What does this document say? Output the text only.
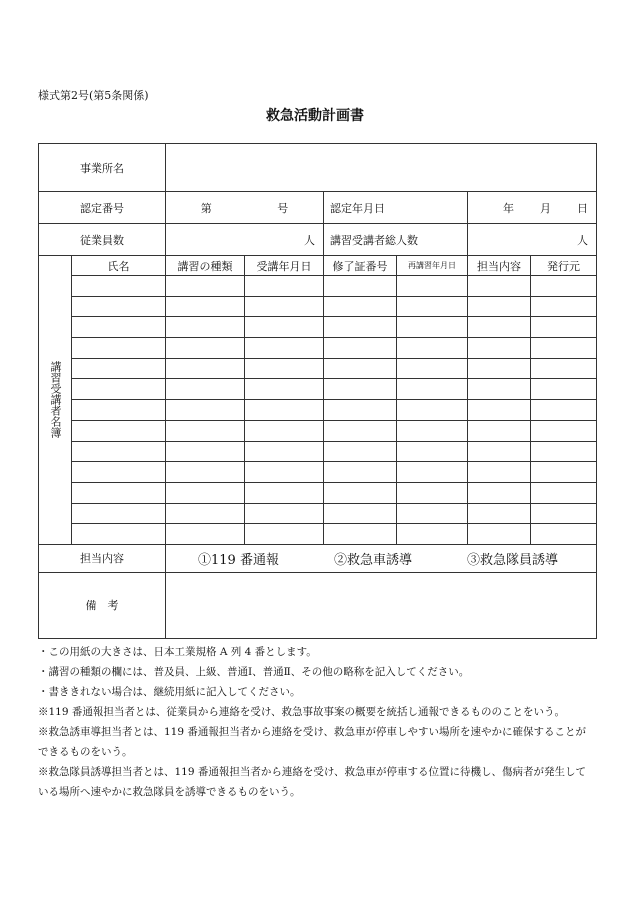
様式第2号(第5条関係)
救急活動計画書
事業所名							
認定番号		第 号		認定年月日		年 月 日	

従業員数		人		講習受講者総人数		人	
講習受講者名簿	氏名	講習の種類	受講年月日	修了証番号	再講習年月日	担当内容	発行元

担当内容		①119 番通報 ②救急車誘導 ③救急隊員誘導					

備　考							

・この用紙の大きさは、日本工業規格 A 列 4 番とします。

・講習の種類の欄には、普及員、上級、普通Ⅰ、普通Ⅱ、その他の略称を記入してください。

・書ききれない場合は、継続用紙に記入してください。

※119 番通報担当者とは、従業員から連絡を受け、救急事故事案の概要を統括し通報できるもののことをいう。

※救急誘車導担当者とは、119 番通報担当者から連絡を受け、救急車が停車しやすい場所を速やかに確保することができるものをいう。

※救急隊員誘導担当者とは、119 番通報担当者から連絡を受け、救急車が停車する位置に待機し、傷病者が発生している場所へ速やかに救急隊員を誘導できるものをいう。
